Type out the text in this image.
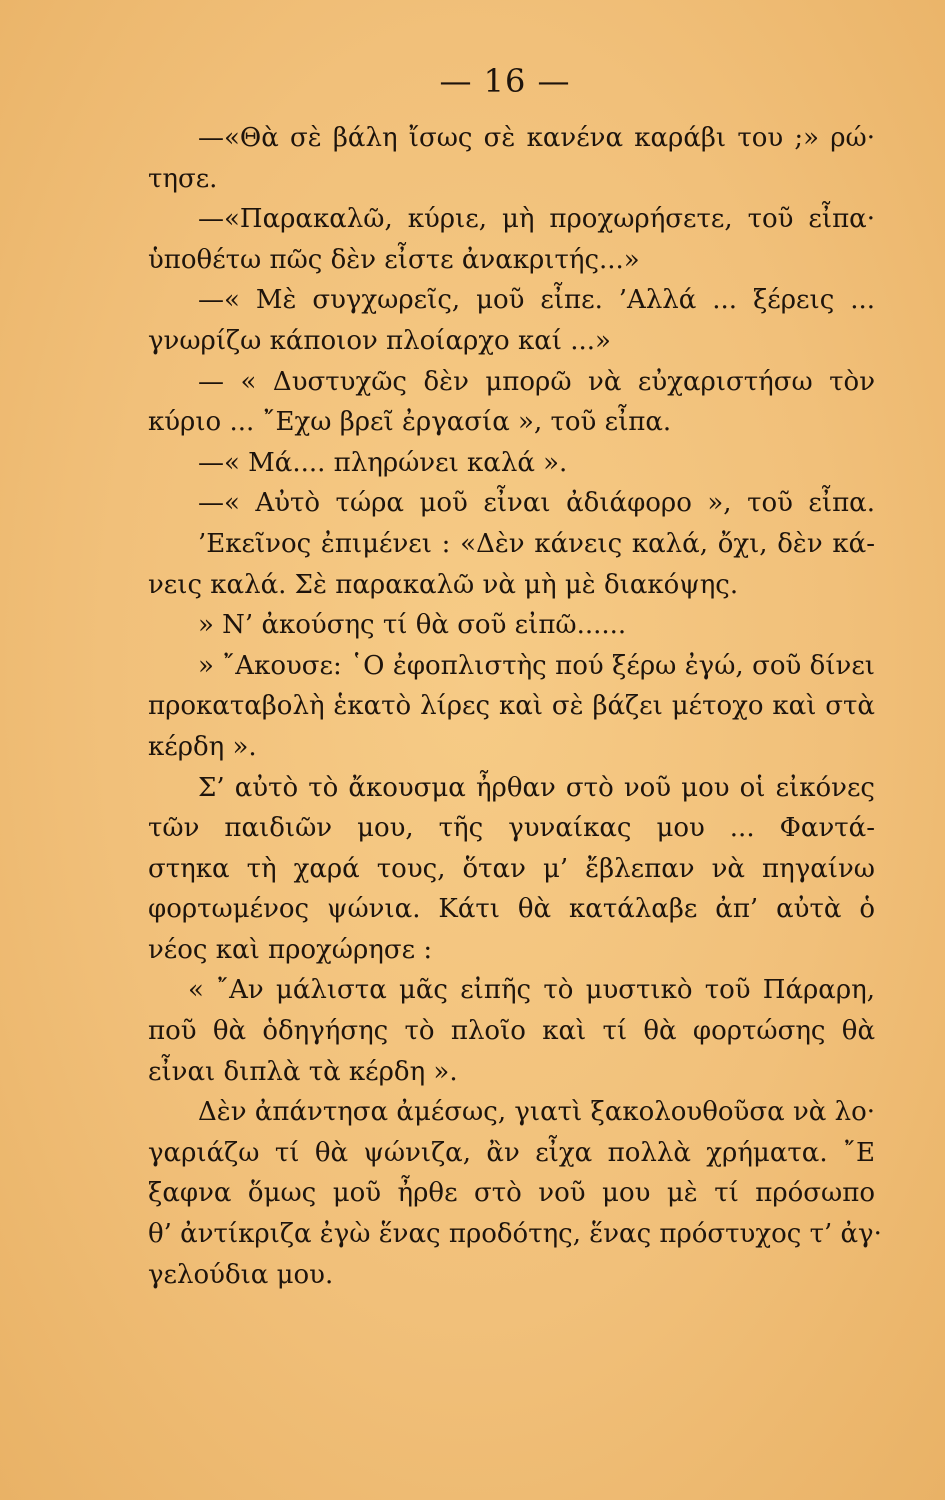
— 16 —
—«Θὰ σὲ βάλη ἴσως σὲ κανένα καράβι του ;» ρώ·
τησε.
—«Παρακαλῶ, κύριε, μὴ προχωρήσετε, τοῦ εἶπα·
ὑποθέτω πῶς δὲν εἶστε ἀνακριτής...»
—« Μὲ συγχωρεῖς, μοῦ εἶπε. ’Αλλά ... ξέρεις ...
γνωρίζω κάποιον πλοίαρχο καί ...»
— « Δυστυχῶς δὲν μπορῶ νὰ εὐχαριστήσω τὸν
κύριο ... ῎Εχω βρεῖ ἐργασία », τοῦ εἶπα.
—« Μά.... πληρώνει καλά ».
—« Αὐτὸ τώρα μοῦ εἶναι ἀδιάφορο », τοῦ εἶπα.
’Εκεῖνος ἐπιμένει : «Δὲν κάνεις καλά, ὄχι, δὲν κά-
νεις καλά. Σὲ παρακαλῶ νὰ μὴ μὲ διακόψης.
» Ν’ ἀκούσης τί θὰ σοῦ εἰπῶ......
» ῎Ακουσε: ῾Ο ἐφοπλιστὴς πού ξέρω ἐγώ, σοῦ δίνει
προκαταβολὴ ἑκατὸ λίρες καὶ σὲ βάζει μέτοχο καὶ στὰ
κέρδη ».
Σ’ αὐτὸ τὸ ἄκουσμα ἦρθαν στὸ νοῦ μου οἱ εἰκόνες
τῶν παιδιῶν μου, τῆς γυναίκας μου ... Φαντά-
στηκα τὴ χαρά τους, ὅταν μ’ ἔβλεπαν νὰ πηγαίνω
φορτωμένος ψώνια. Κάτι θὰ κατάλαβε ἀπ’ αὐτὰ ὁ
νέος καὶ προχώρησε :
« ῎Αν μάλιστα μᾶς εἰπῆς τὸ μυστικὸ τοῦ Πάραρη,
ποῦ θὰ ὁδηγήσης τὸ πλοῖο καὶ τί θὰ φορτώσης θὰ
εἶναι διπλὰ τὰ κέρδη ».
Δὲν ἀπάντησα ἀμέσως, γιατὶ ξακολουθοῦσα νὰ λο·
γαριάζω τί θὰ ψώνιζα, ἂν εἶχα πολλὰ χρήματα. ῎Ε
ξαφνα ὅμως μοῦ ἦρθε στὸ νοῦ μου μὲ τί πρόσωπο
θ’ ἀντίκριζα ἐγὼ ἕνας προδότης, ἕνας πρόστυχος τ’ ἀγ·
γελούδια μου.
